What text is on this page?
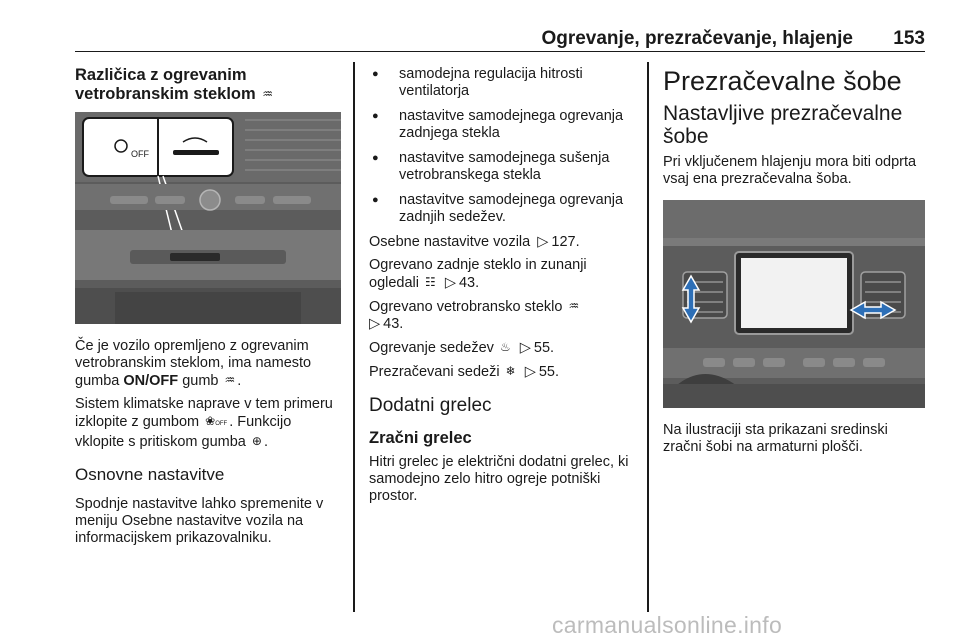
Ogrevanje, prezračevanje, hlajenje 153
Različica z ogrevanim vetrobranskim steklom ♒
OFF

Če je vozilo opremljeno z ogrevanim vetrobranskim steklom, ima namesto gumba ON/OFF gumb ♒ .

Sistem klimatske naprave v tem primeru izklopite z gumbom ❀OFF . Funkcijo vklopite s pritiskom gumba ⊕ .

Osnovne nastavitve

Spodnje nastavitve lahko spremenite v meniju Osebne nastavitve vozila na informacijskem prikazovalniku.

● samodejna regulacija hitrosti ventilatorja
● nastavitve samodejnega ogrevanja zadnjega stekla
● nastavitve samodejnega sušenja vetrobranskega stekla
● nastavitve samodejnega ogrevanja zadnjih sedežev.

Osebne nastavitve vozila ▷ 127.

Ogrevano zadnje steklo in zunanji ogledali ☷ ▷ 43.

Ogrevano vetrobransko steklo ♒
▷ 43.

Ogrevanje sedežev ♨ ▷ 55.

Prezračevani sedeži ❄ ▷ 55.

Dodatni grelec
Zračni grelec

Hitri grelec je električni dodatni grelec, ki samodejno zelo hitro ogreje potniški prostor.

Prezračevalne šobe
Nastavljive prezračevalne šobe

Pri vključenem hlajenju mora biti odprta vsaj ena prezračevalna šoba.

Na ilustraciji sta prikazani sredinski zračni šobi na armaturni plošči.

carmanualsonline.info
